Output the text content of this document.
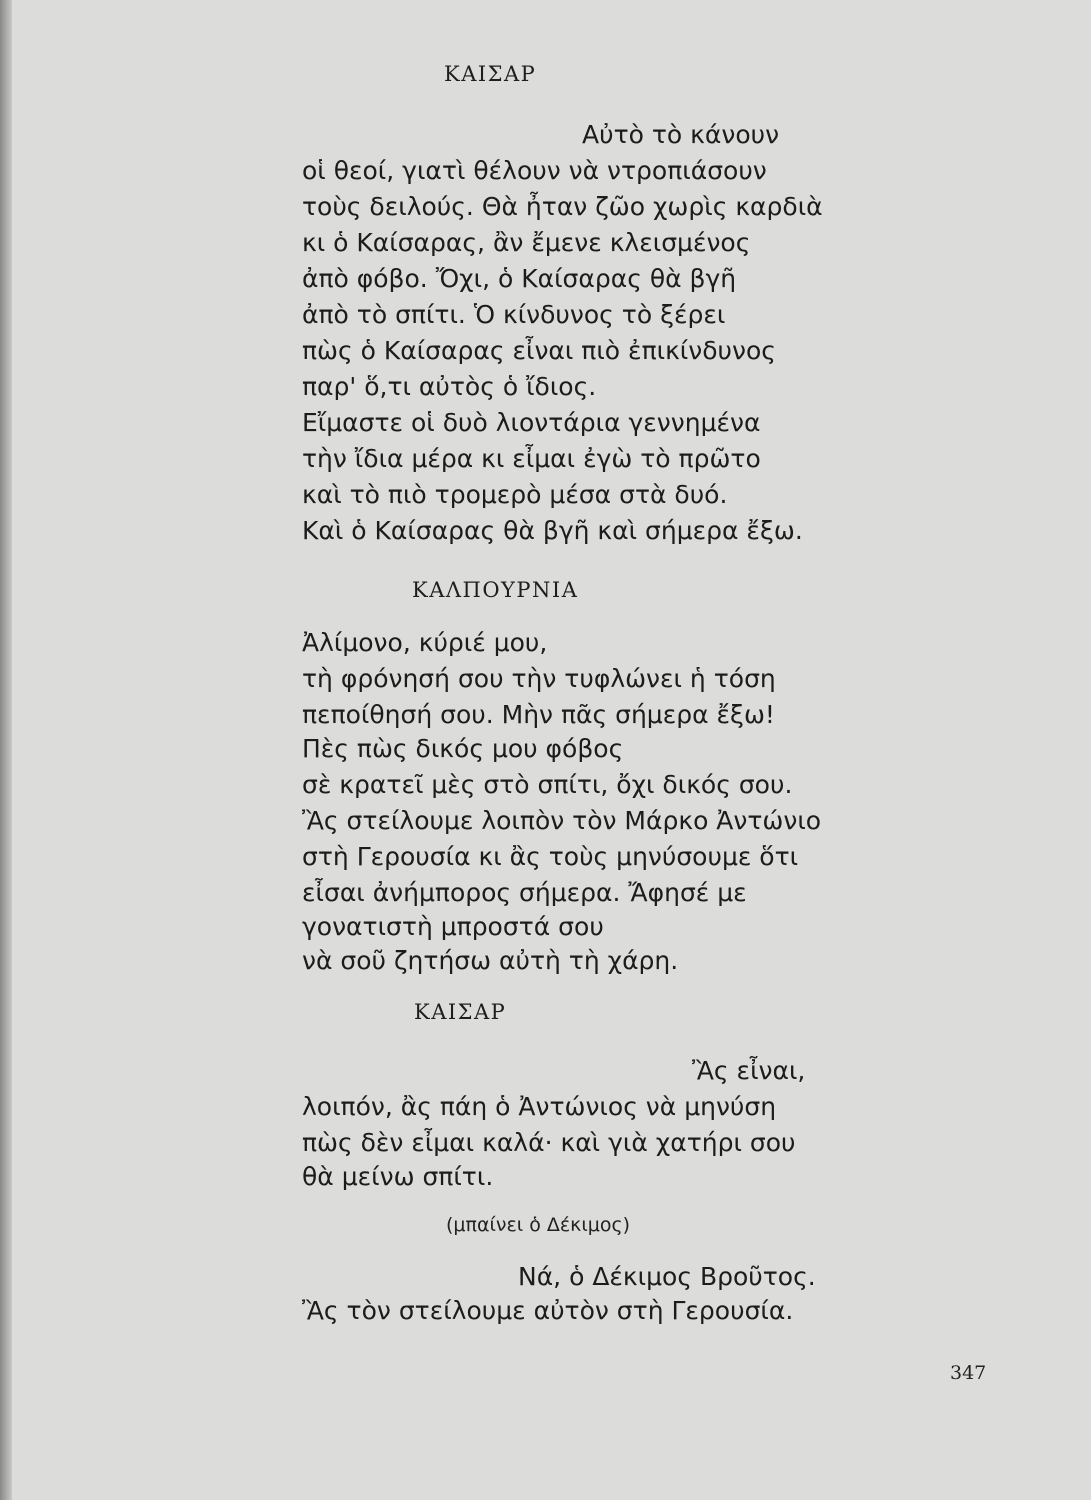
ΚΑΙΣΑΡ
Αὐτὸ τὸ κάνουν
οἱ θεοί, γιατὶ θέλουν νὰ ντροπιάσουν
τοὺς δειλούς. Θὰ ἦταν ζῶο χωρὶς καρδιὰ
κι ὁ Καίσαρας, ἂν ἔμενε κλεισμένος
ἀπὸ φόβο. Ὄχι, ὁ Καίσαρας θὰ βγῆ
ἀπὸ τὸ σπίτι. Ὁ κίνδυνος τὸ ξέρει
πὼς ὁ Καίσαρας εἶναι πιὸ ἐπικίνδυνος
παρ' ὅ,τι αὐτὸς ὁ ἴδιος.
Εἴμαστε οἱ δυὸ λιοντάρια γεννημένα
τὴν ἴδια μέρα κι εἶμαι ἐγὼ τὸ πρῶτο
καὶ τὸ πιὸ τρομερὸ μέσα στὰ δυό.
Καὶ ὁ Καίσαρας θὰ βγῆ καὶ σήμερα ἔξω.
ΚΑΛΠΟΥΡΝΙΑ
Ἀλίμονο, κύριέ μου,
τὴ φρόνησή σου τὴν τυφλώνει ἡ τόση
πεποίθησή σου. Μὴν πᾶς σήμερα ἔξω!
Πὲς πὼς δικός μου φόβος
σὲ κρατεῖ μὲς στὸ σπίτι, ὄχι δικός σου.
Ἂς στείλουμε λοιπὸν τὸν Μάρκο Ἀντώνιο
στὴ Γερουσία κι ἂς τοὺς μηνύσουμε ὅτι
εἶσαι ἀνήμπορος σήμερα. Ἄφησέ με
γονατιστὴ μπροστά σου
νὰ σοῦ ζητήσω αὐτὴ τὴ χάρη.
ΚΑΙΣΑΡ
Ἂς εἶναι,
λοιπόν, ἂς πάη ὁ Ἀντώνιος νὰ μηνύση
πὼς δὲν εἶμαι καλά· καὶ γιὰ χατήρι σου
θὰ μείνω σπίτι.
(μπαίνει ὁ Δέκιμος)
Νά, ὁ Δέκιμος Βροῦτος.
Ἂς τὸν στείλουμε αὐτὸν στὴ Γερουσία.
347
